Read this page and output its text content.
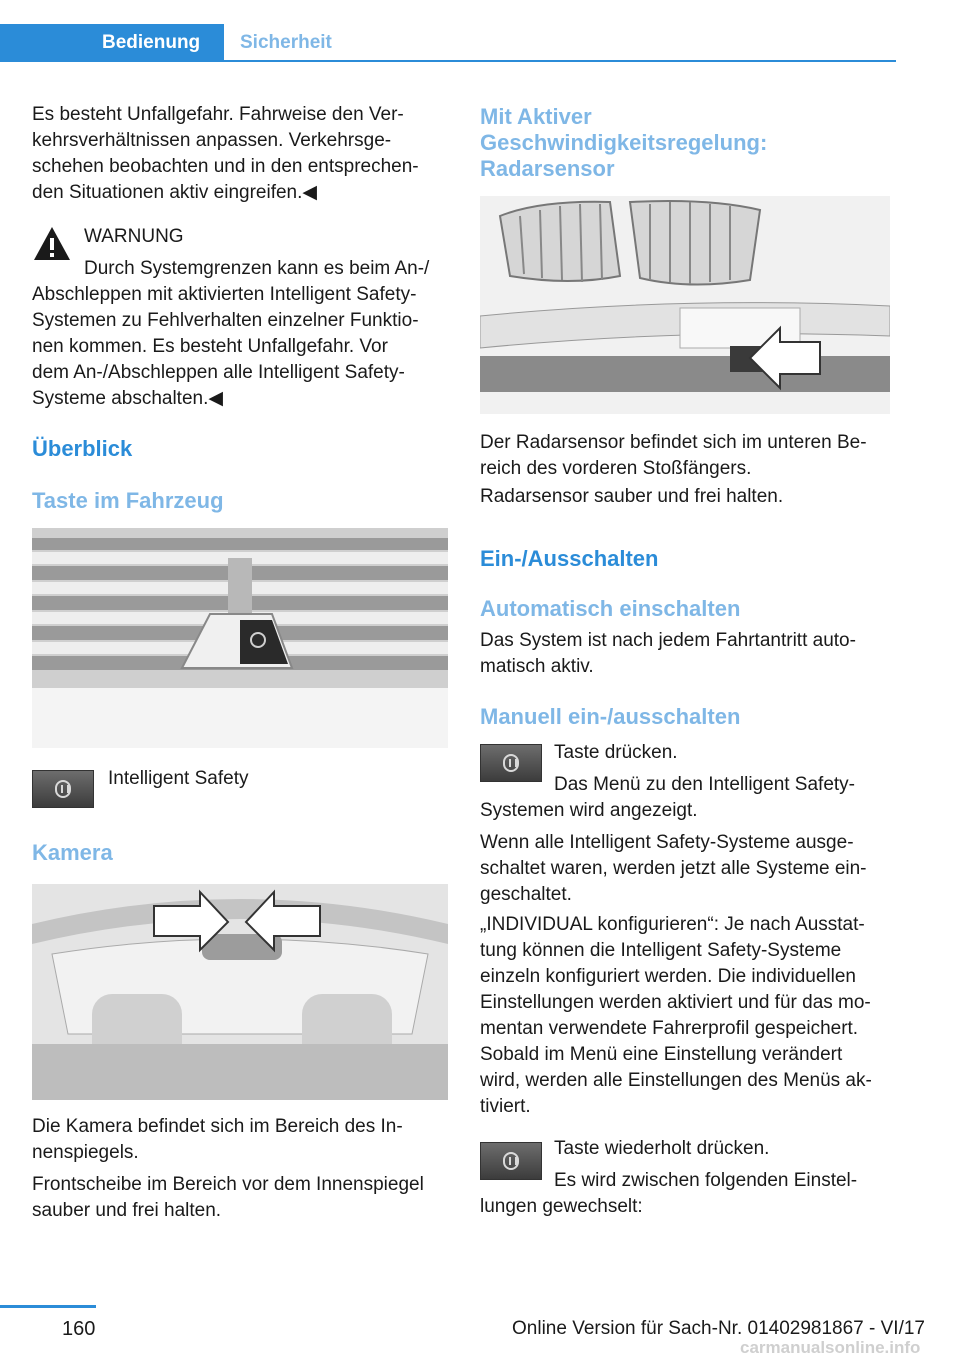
Bedienung	Sicherheit

Es besteht Unfallgefahr. Fahrweise den Ver‐

kehrsverhältnissen anpassen. Verkehrsge‐

schehen beobachten und in den entsprechen‐

den Situationen aktiv eingreifen.◀

WARNUNG
Durch Systemgrenzen kann es beim An-/

Abschleppen mit aktivierten Intelligent Safety-

Systemen zu Fehlverhalten einzelner Funktio‐

nen kommen. Es besteht Unfallgefahr. Vor

dem An-/Abschleppen alle Intelligent Safety-

Systeme abschalten.◀

Überblick
Taste im Fahrzeug
Intelligent Safety
Kamera

Die Kamera befindet sich im Bereich des In‐

nenspiegels.

Frontscheibe im Bereich vor dem Innenspiegel

sauber und frei halten.

Mit Aktiver
Geschwindigkeitsregelung:
Radarsensor

Der Radarsensor befindet sich im unteren Be‐

reich des vorderen Stoßfängers.

Radarsensor sauber und frei halten.
Ein-/Ausschalten
Automatisch einschalten

Das System ist nach jedem Fahrtantritt auto‐

matisch aktiv.

Manuell ein-/ausschalten
Taste drücken.
Das Menü zu den Intelligent Safety-
Systemen wird angezeigt.

Wenn alle Intelligent Safety-Systeme ausge‐

schaltet waren, werden jetzt alle Systeme ein‐

geschaltet.

„INDIVIDUAL konfigurieren“: Je nach Ausstat‐

tung können die Intelligent Safety-Systeme

einzeln konfiguriert werden. Die individuellen

Einstellungen werden aktiviert und für das mo‐

mentan verwendete Fahrerprofil gespeichert.

Sobald im Menü eine Einstellung verändert

wird, werden alle Einstellungen des Menüs ak‐

tiviert.

Taste wiederholt drücken.
Es wird zwischen folgenden Einstel‐
lungen gewechselt:
160	Online Version für Sach-Nr. 01402981867 - VI/17
carmanualsonline.info
